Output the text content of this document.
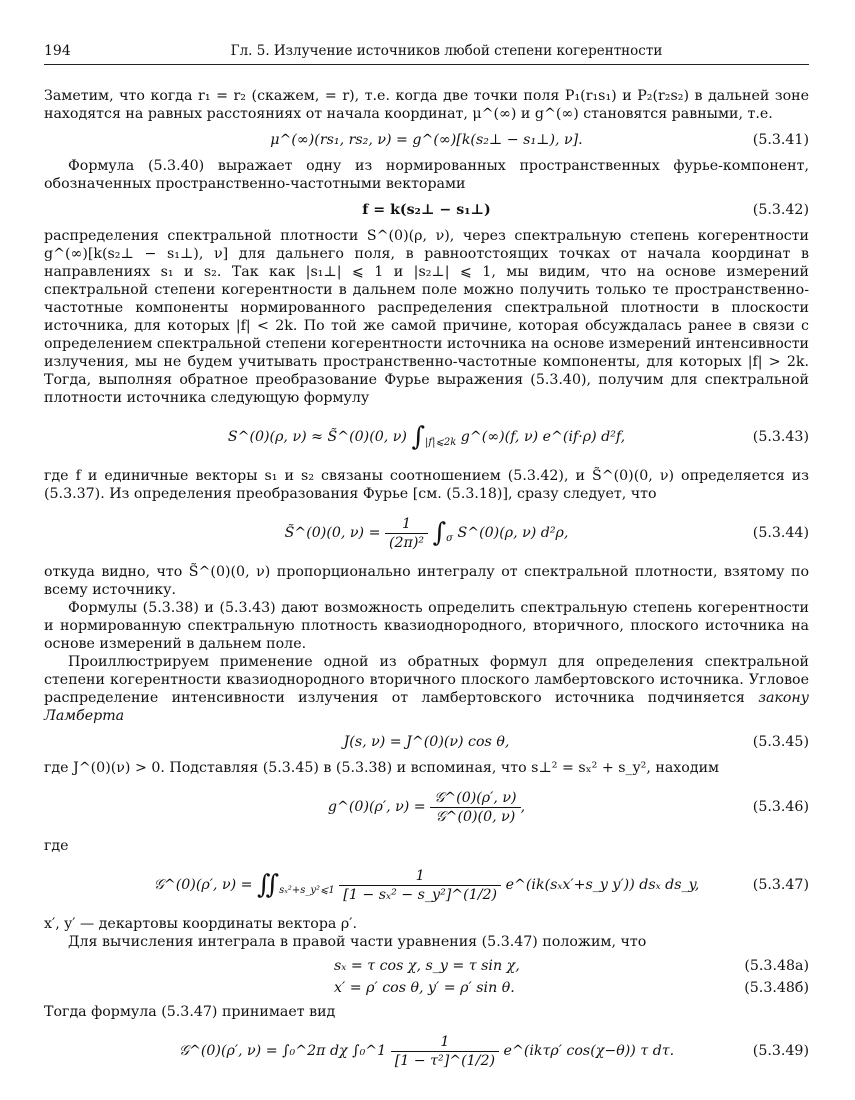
194	Гл. 5. Излучение источников любой степени когерентности

Заметим, что когда r₁ = r₂ (скажем, = r), т.е. когда две точки поля P₁(r₁s₁) и P₂(r₂s₂) в дальней зоне находятся на равных расстояниях от начала координат, μ^(∞) и g^(∞) становятся равными, т.е.

μ^(∞)(rs₁, rs₂, ν) = g^(∞)[k(s₂⊥ − s₁⊥), ν].	(5.3.41)

Формула (5.3.40) выражает одну из нормированных пространственных фурье-компонент, обозначенных пространственно-частотными векторами

f = k(s₂⊥ − s₁⊥)	(5.3.42)

распределения спектральной плотности S^(0)(ρ, ν), через спектральную степень когерентности g^(∞)[k(s₂⊥ − s₁⊥), ν] для дальнего поля, в равноотстоящих точках от начала координат в направлениях s₁ и s₂. Так как |s₁⊥| ⩽ 1 и |s₂⊥| ⩽ 1, мы видим, что на основе измерений спектральной степени когерентности в дальнем поле можно получить только те пространственно-частотные компоненты нормированного распределения спектральной плотности в плоскости источника, для которых |f| < 2k. По той же самой причине, которая обсуждалась ранее в связи с определением спектральной степени когерентности источника на основе измерений интенсивности излучения, мы не будем учитывать пространственно-частотные компоненты, для которых |f| > 2k. Тогда, выполняя обратное преобразование Фурье выражения (5.3.40), получим для спектральной плотности источника следующую формулу

S^(0)(ρ, ν) ≈ S̃^(0)(0, ν) $\int_{|f|⩽2k}$ g^(∞)(f, ν) e^(if·ρ) d²f,	(5.3.43)

где f и единичные векторы s₁ и s₂ связаны соотношением (5.3.42), и S̃^(0)(0, ν) определяется из (5.3.37). Из определения преобразования Фурье [см. (5.3.18)], сразу следует, что

S̃^(0)(0, $\nu) = \frac{1}{\text{(2π)²}} \int_\sigma$ S^(0)(ρ, ν) d²ρ,	(5.3.44)

откуда видно, что S̃^(0)(0, ν) пропорционально интегралу от спектральной плотности, взятому по всему источнику.

Формулы (5.3.38) и (5.3.43) дают возможность определить спектральную степень когерентности и нормированную спектральную плотность квазиоднородного, вторичного, плоского источника на основе измерений в дальнем поле.

Проиллюстрируем применение одной из обратных формул для определения спектральной степени когерентности квазиоднородного вторичного плоского ламбертовского источника. Угловое распределение интенсивности излучения от ламбертовского источника подчиняется закону Ламберта

J(s, ν) = J^(0)(ν) cos θ,	(5.3.45)

где J^(0)(ν) > 0. Подставляя (5.3.45) в (5.3.38) и вспоминая, что s⊥² = sₓ² + s_y², находим

g^(0)(ρ′, $\nu) = \frac{\text{𝒢\textasciicircum{}(0)(ρ′, ν)}}{\text{𝒢\textasciicircum{}(0)(0, ν)}}$ ,	(5.3.46)

где

𝒢^(0)(ρ′, $\nu) = ∬_{s_x^2+s\_y^2⩽1} \frac{1}{\text{[1 − sₓ² − s\_y²]\textasciicircum{}(1/2)}}$ e^(ik(sₓx′+s_y y′)) dsₓ ds_y,	(5.3.47)

x′, y′ — декартовы координаты вектора ρ′.

Для вычисления интеграла в правой части уравнения (5.3.47) положим, что

sₓ = τ cos χ, s_y = τ sin χ,	(5.3.48а)
x′ = ρ′ cos θ, y′ = ρ′ sin θ.	(5.3.48б)

Тогда формула (5.3.47) принимает вид

𝒢^(0)(ρ′, ν) = ∫₀^2π dχ ∫₀^1 $\frac{1}{\text{[1 − τ²]\textasciicircum{}(1/2)}}$ e^(ikτρ′ cos(χ−θ)) τ dτ.	(5.3.49)
